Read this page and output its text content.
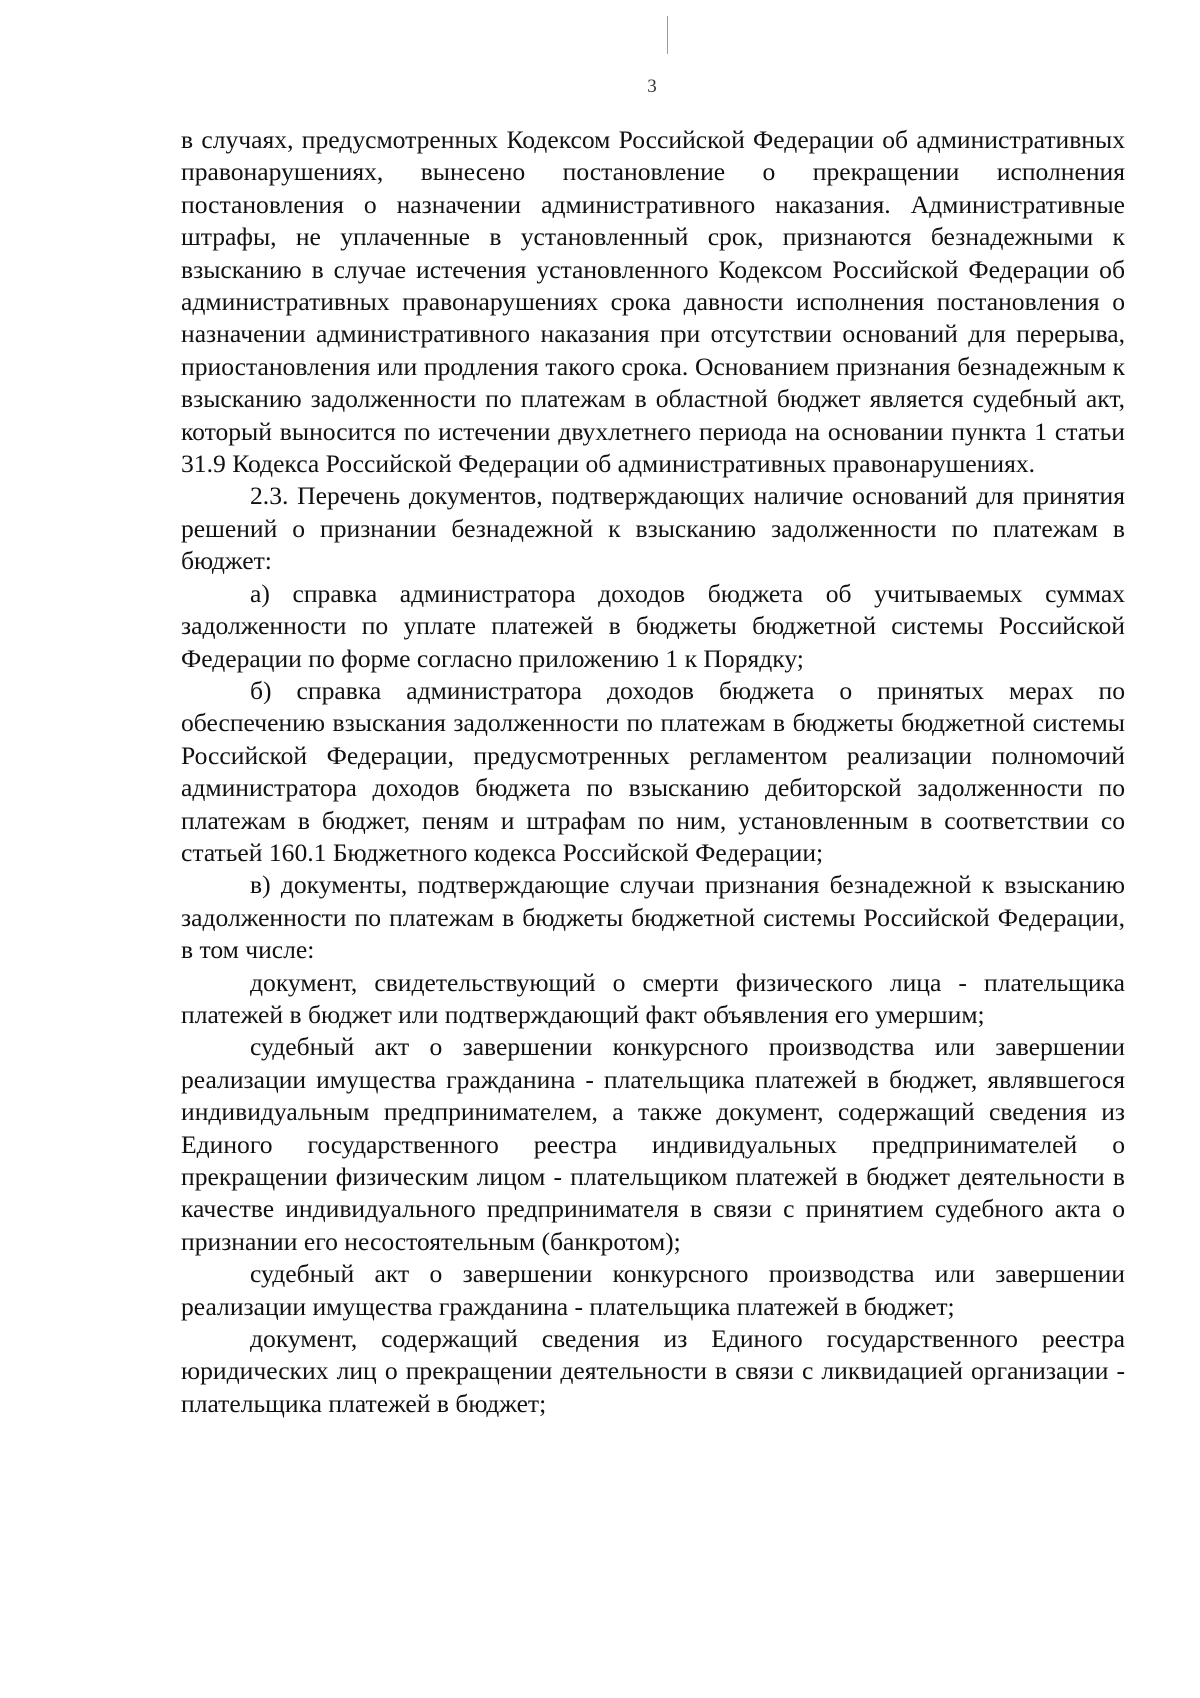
3

в случаях, предусмотренных Кодексом Российской Федерации об административных правонарушениях, вынесено постановление о прекращении исполнения постановления о назначении административного наказания. Административные штрафы, не уплаченные в установленный срок, признаются безнадежными к взысканию в случае истечения установленного Кодексом Российской Федерации об административных правонарушениях срока давности исполнения постановления о назначении административного наказания при отсутствии оснований для перерыва, приостановления или продления такого срока. Основанием признания безнадежным к взысканию задолженности по платежам в областной бюджет является судебный акт, который выносится по истечении двухлетнего периода на основании пункта 1 статьи 31.9 Кодекса Российской Федерации об административных правонарушениях.

2.3. Перечень документов, подтверждающих наличие оснований для принятия решений о признании безнадежной к взысканию задолженности по платежам в бюджет:

а) справка администратора доходов бюджета об учитываемых суммах задолженности по уплате платежей в бюджеты бюджетной системы Российской Федерации по форме согласно приложению 1 к Порядку;

б) справка администратора доходов бюджета о принятых мерах по обеспечению взыскания задолженности по платежам в бюджеты бюджетной системы Российской Федерации, предусмотренных регламентом реализации полномочий администратора доходов бюджета по взысканию дебиторской задолженности по платежам в бюджет, пеням и штрафам по ним, установленным в соответствии со статьей 160.1 Бюджетного кодекса Российской Федерации;

в) документы, подтверждающие случаи признания безнадежной к взысканию задолженности по платежам в бюджеты бюджетной системы Российской Федерации, в том числе:

документ, свидетельствующий о смерти физического лица - плательщика платежей в бюджет или подтверждающий факт объявления его умершим;

судебный акт о завершении конкурсного производства или завершении реализации имущества гражданина - плательщика платежей в бюджет, являвшегося индивидуальным предпринимателем, а также документ, содержащий сведения из Единого государственного реестра индивидуальных предпринимателей о прекращении физическим лицом - плательщиком платежей в бюджет деятельности в качестве индивидуального предпринимателя в связи с принятием судебного акта о признании его несостоятельным (банкротом);

судебный акт о завершении конкурсного производства или завершении реализации имущества гражданина - плательщика платежей в бюджет;

документ, содержащий сведения из Единого государственного реестра юридических лиц о прекращении деятельности в связи с ликвидацией организации - плательщика платежей в бюджет;
